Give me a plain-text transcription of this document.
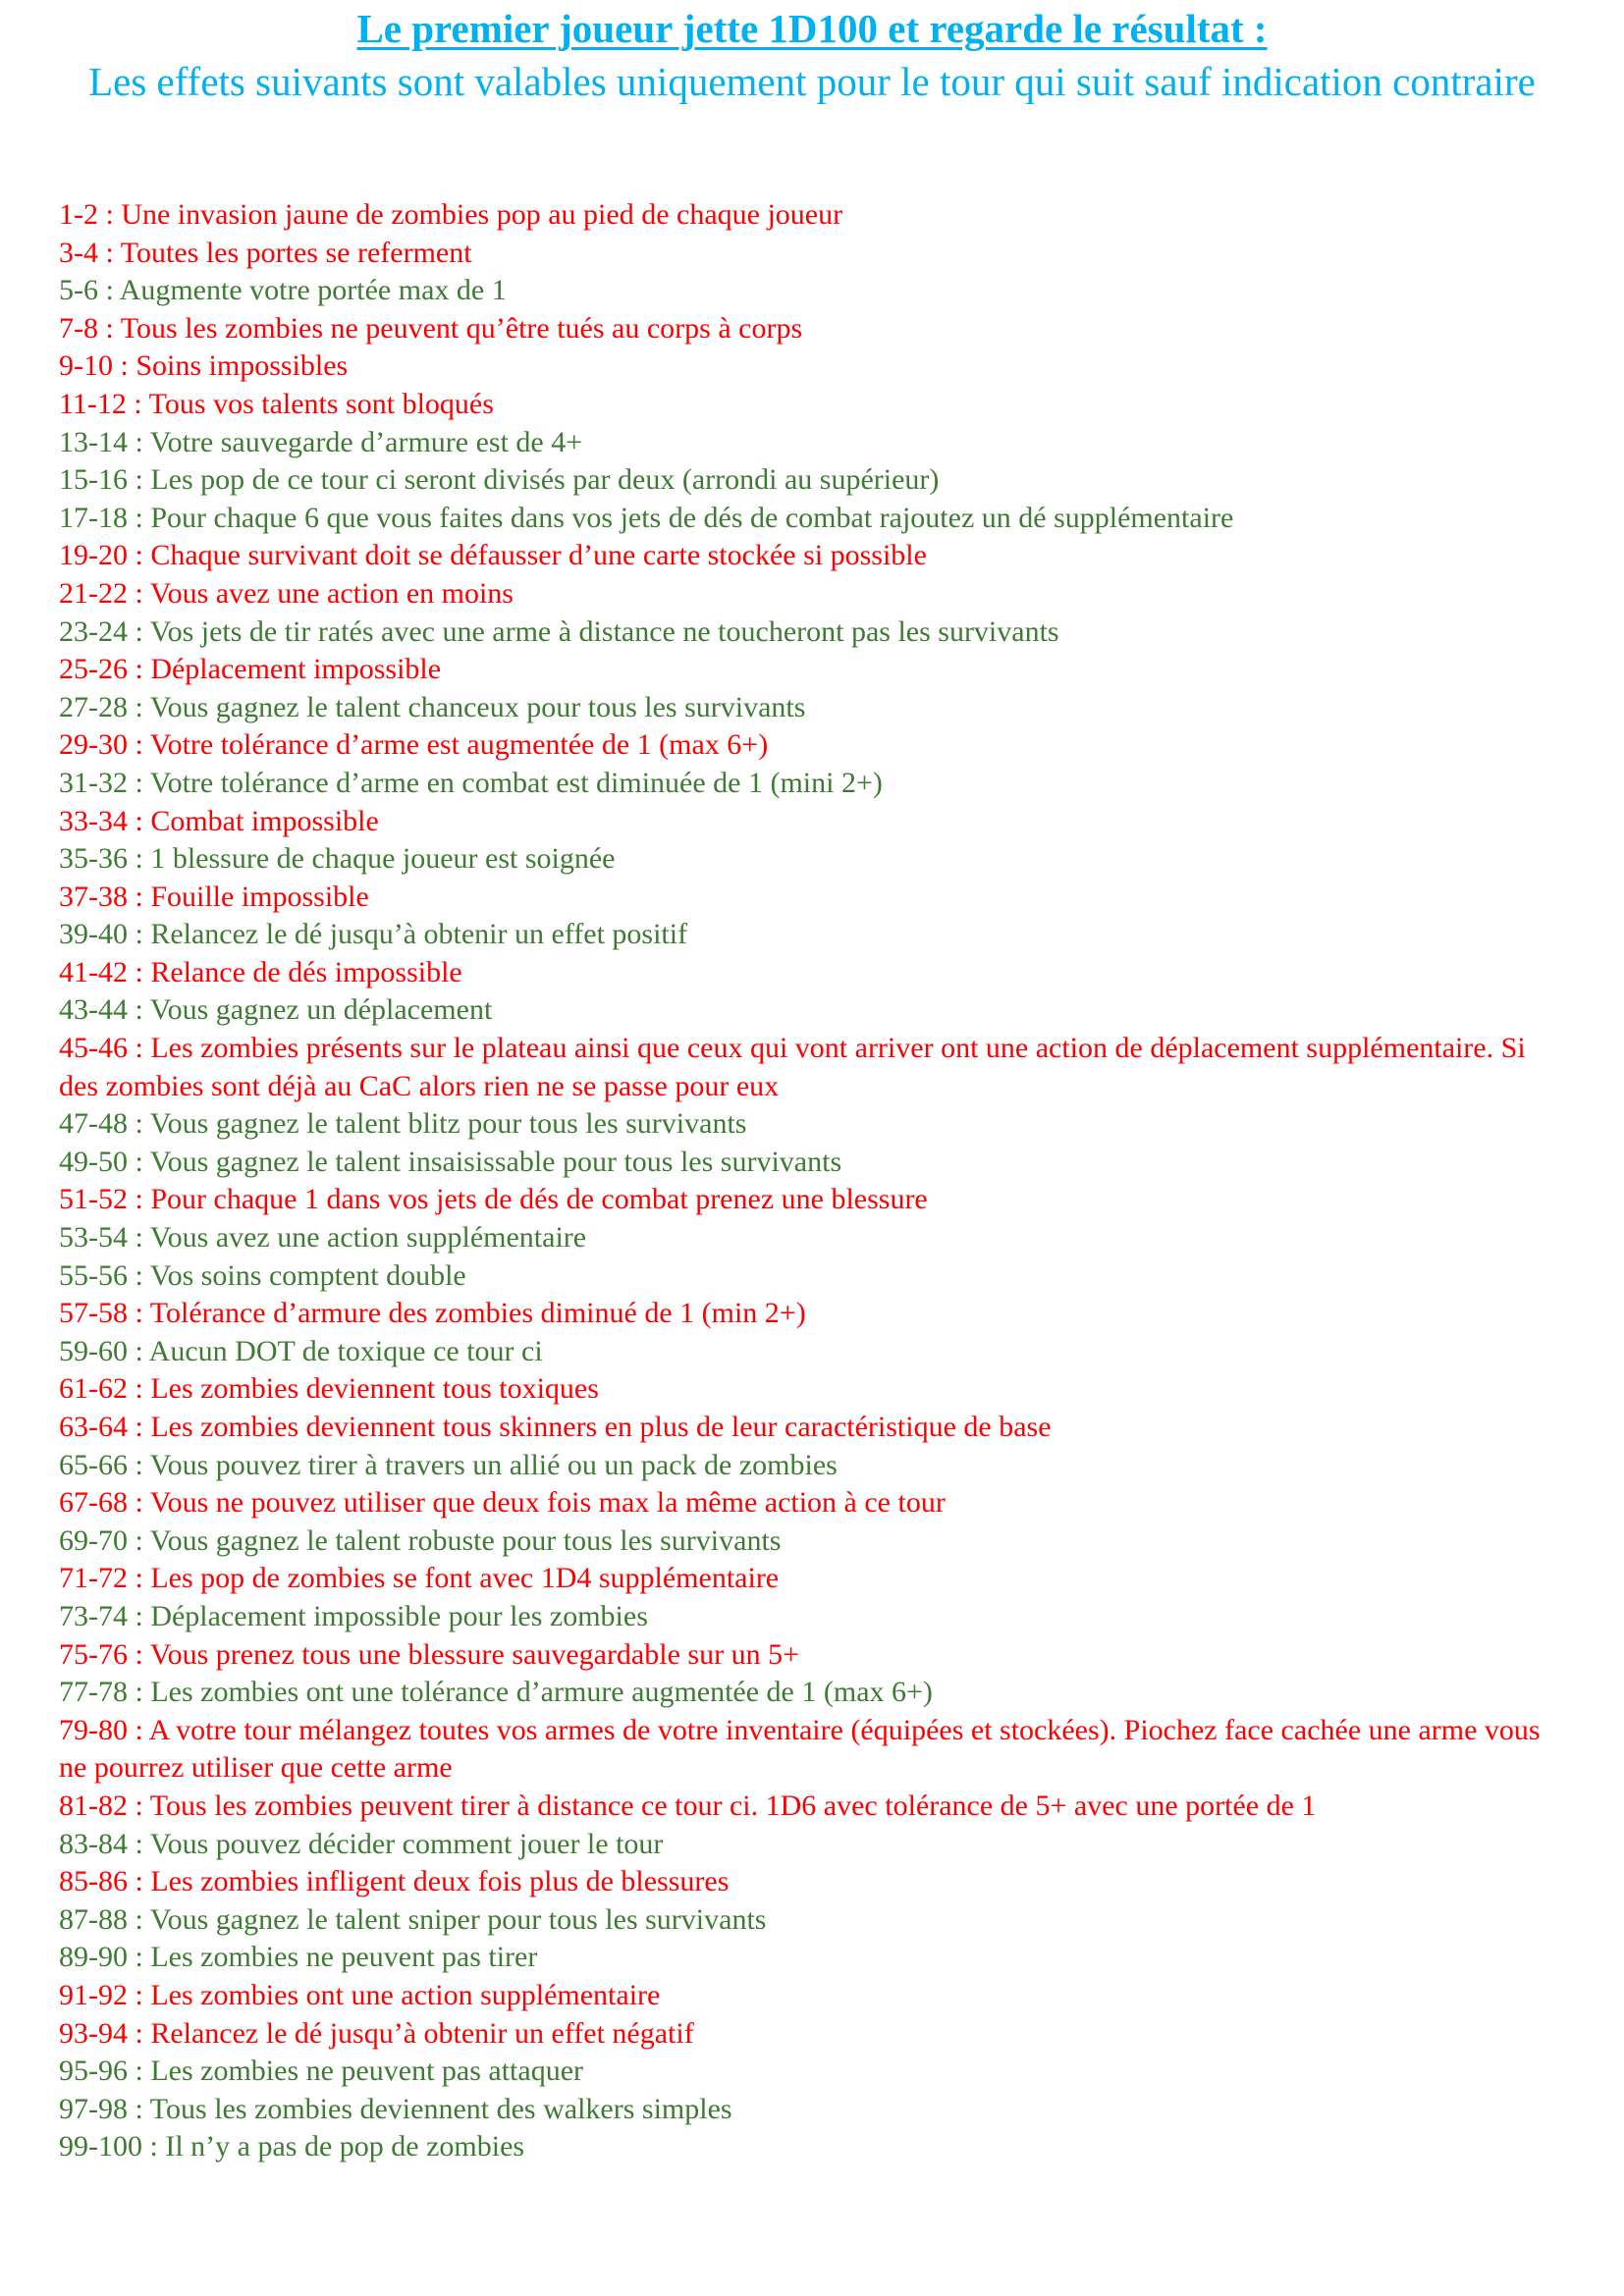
Le premier joueur jette 1D100 et regarde le résultat :
Les effets suivants sont valables uniquement pour le tour qui suit sauf indication contraire
1-2 : Une invasion jaune de zombies pop au pied de chaque joueur
3-4 : Toutes les portes se referment
5-6 : Augmente votre portée max de 1
7-8 : Tous les zombies ne peuvent qu’être tués au corps à corps
9-10 : Soins impossibles
11-12 : Tous vos talents sont bloqués
13-14 : Votre sauvegarde d’armure est de 4+
15-16 : Les pop de ce tour ci seront divisés par deux (arrondi au supérieur)
17-18 : Pour chaque 6 que vous faites dans vos jets de dés de combat rajoutez un dé supplémentaire
19-20 : Chaque survivant doit se défausser d’une carte stockée si possible
21-22 : Vous avez une action en moins
23-24 : Vos jets de tir ratés avec une arme à distance ne toucheront pas les survivants
25-26 : Déplacement impossible
27-28 : Vous gagnez le talent chanceux pour tous les survivants
29-30 : Votre tolérance d’arme est augmentée de 1 (max 6+)
31-32 : Votre tolérance d’arme en combat est diminuée de 1 (mini 2+)
33-34 : Combat impossible
35-36 : 1 blessure de chaque joueur est soignée
37-38 : Fouille impossible
39-40 : Relancez le dé jusqu’à obtenir un effet positif
41-42 : Relance de dés impossible
43-44 : Vous gagnez un déplacement
45-46 : Les zombies présents sur le plateau ainsi que ceux qui vont arriver ont une action de déplacement supplémentaire. Si des zombies sont déjà au CaC alors rien ne se passe pour eux
47-48 : Vous gagnez le talent blitz pour tous les survivants
49-50 : Vous gagnez le talent insaisissable pour tous les survivants
51-52 : Pour chaque 1 dans vos jets de dés de combat prenez une blessure
53-54 : Vous avez une action supplémentaire
55-56 : Vos soins comptent double
57-58 : Tolérance d’armure des zombies diminué de 1 (min 2+)
59-60 : Aucun DOT de toxique ce tour ci
61-62 : Les zombies deviennent tous toxiques
63-64 : Les zombies deviennent tous skinners en plus de leur caractéristique de base
65-66 : Vous pouvez tirer à travers un allié ou un pack de zombies
67-68 : Vous ne pouvez utiliser que deux fois max la même action à ce tour
69-70 : Vous gagnez le talent robuste pour tous les survivants
71-72 : Les pop de zombies se font avec 1D4 supplémentaire
73-74 : Déplacement impossible pour les zombies
75-76 : Vous prenez tous une blessure sauvegardable sur un 5+
77-78 : Les zombies ont une tolérance d’armure augmentée de 1 (max 6+)
79-80 : A votre tour mélangez toutes vos armes de votre inventaire (équipées et stockées). Piochez face cachée une arme vous ne pourrez utiliser que cette arme
81-82 : Tous les zombies peuvent tirer à distance ce tour ci. 1D6 avec tolérance de 5+ avec une portée de 1
83-84 : Vous pouvez décider comment jouer le tour
85-86 : Les zombies infligent deux fois plus de blessures
87-88 : Vous gagnez le talent sniper pour tous les survivants
89-90 : Les zombies ne peuvent pas tirer
91-92 : Les zombies ont une action supplémentaire
93-94 : Relancez le dé jusqu’à obtenir un effet négatif
95-96 : Les zombies ne peuvent pas attaquer
97-98 : Tous les zombies deviennent des walkers simples
99-100 : Il n’y a pas de pop de zombies
